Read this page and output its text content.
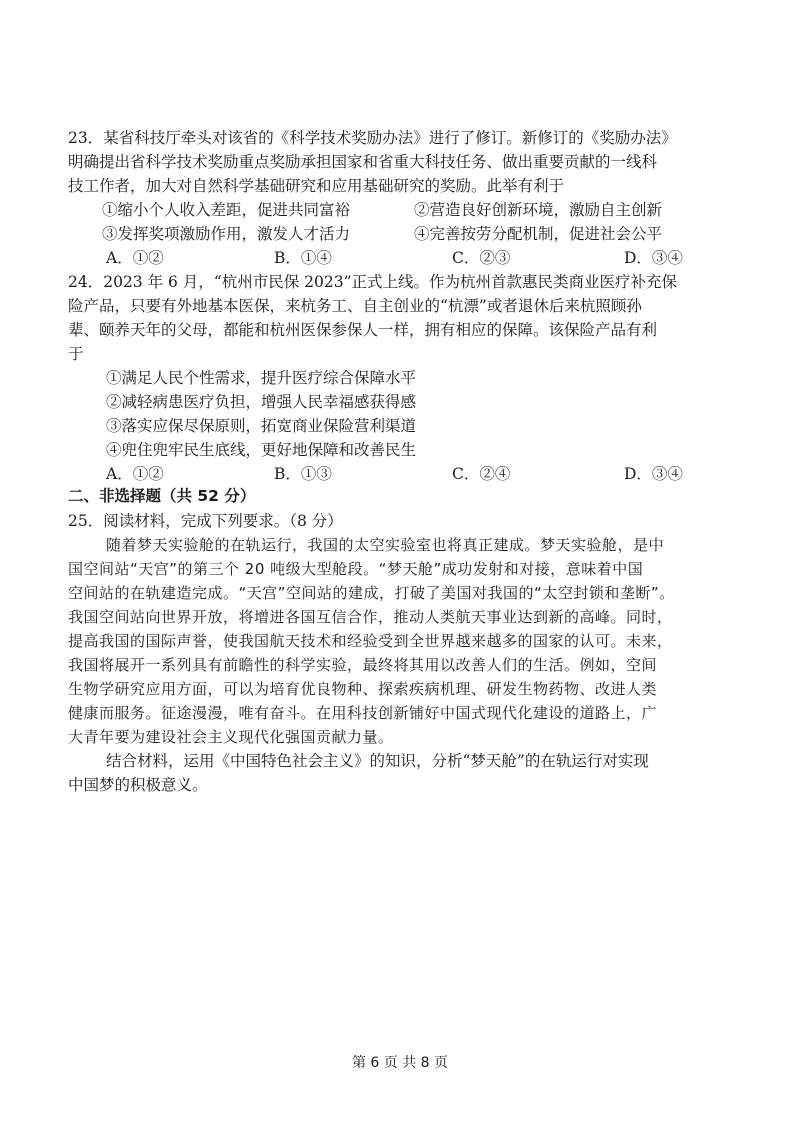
23．某省科技厅牵头对该省的《科学技术奖励办法》进行了修订。新修订的《奖励办法》
明确提出省科学技术奖励重点奖励承担国家和省重大科技任务、做出重要贡献的一线科
技工作者，加大对自然科学基础研究和应用基础研究的奖励。此举有利于
①缩小个人收入差距，促进共同富裕	②营造良好创新环境，激励自主创新
③发挥奖项激励作用，激发人才活力	④完善按劳分配机制，促进社会公平
A．①②	B．①④	C．②③	D．③④
24．2023 年 6 月，“杭州市民保 2023”正式上线。作为杭州首款惠民类商业医疗补充保
险产品，只要有外地基本医保，来杭务工、自主创业的“杭漂”或者退休后来杭照顾孙
辈、颐养天年的父母，都能和杭州医保参保人一样，拥有相应的保障。该保险产品有利
于
①满足人民个性需求，提升医疗综合保障水平
②减轻病患医疗负担，增强人民幸福感获得感
③落实应保尽保原则，拓宽商业保险营利渠道
④兜住兜牢民生底线，更好地保障和改善民生
A．①②	B．①③	C．②④	D．③④
二、非选择题（共 52 分）
25．阅读材料，完成下列要求。（8 分）
随着梦天实验舱的在轨运行，我国的太空实验室也将真正建成。梦天实验舱，是中
国空间站“天宫”的第三个 20 吨级大型舱段。“梦天舱”成功发射和对接，意味着中国
空间站的在轨建造完成。“天宫”空间站的建成，打破了美国对我国的“太空封锁和垄断”。
我国空间站向世界开放，将增进各国互信合作，推动人类航天事业达到新的高峰。同时，
提高我国的国际声誉，使我国航天技术和经验受到全世界越来越多的国家的认可。未来，
我国将展开一系列具有前瞻性的科学实验，最终将其用以改善人们的生活。例如，空间
生物学研究应用方面，可以为培育优良物种、探索疾病机理、研发生物药物、改进人类
健康而服务。征途漫漫，唯有奋斗。在用科技创新铺好中国式现代化建设的道路上，广
大青年要为建设社会主义现代化强国贡献力量。
结合材料，运用《中国特色社会主义》的知识，分析“梦天舱”的在轨运行对实现
中国梦的积极意义。
第 6 页 共 8 页
